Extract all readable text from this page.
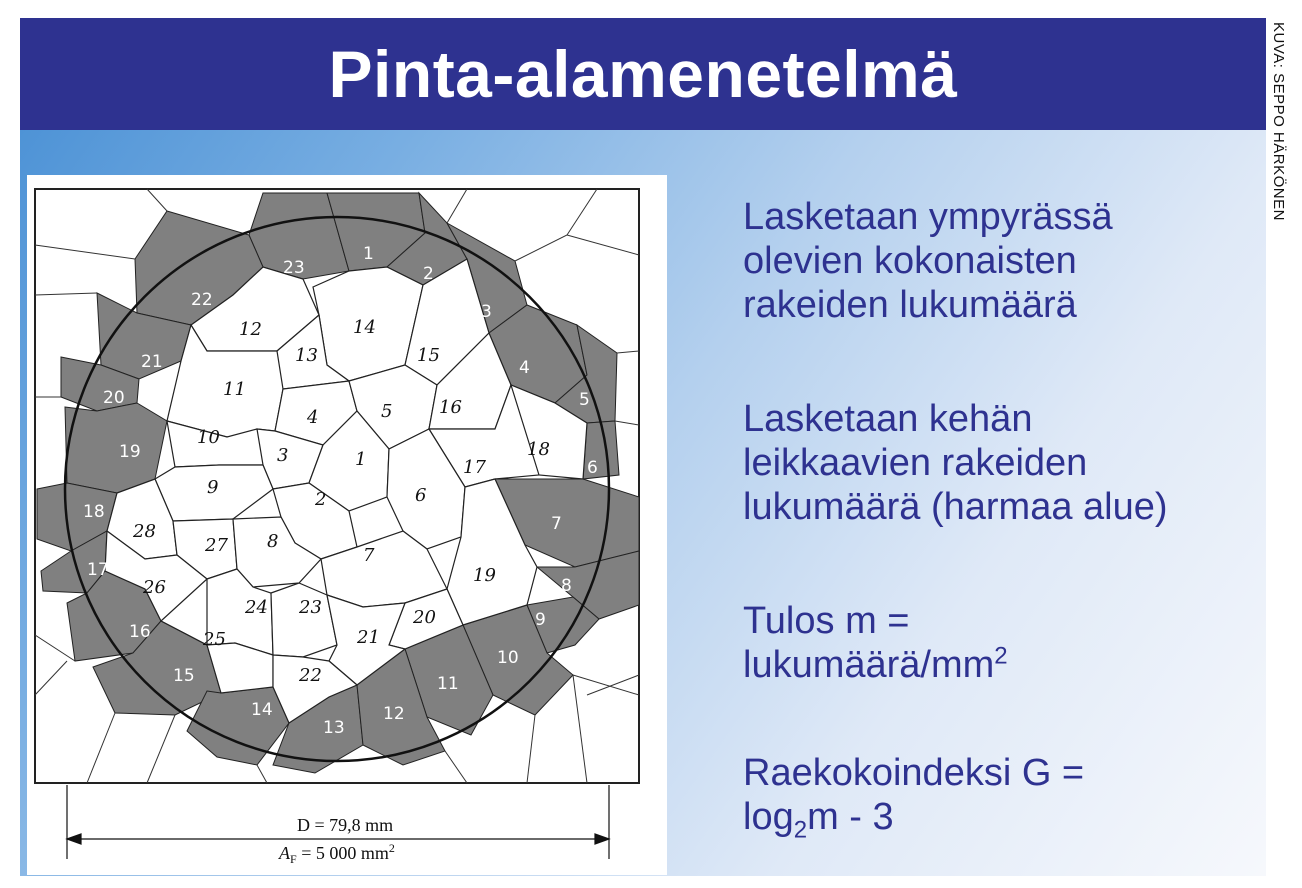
Pinta-alamenetelmä	KUVA: SEPPO HÄRKÖNEN
1
2
3
4	5
6
7
8
9
10
11
12
13
14
15
16
17
18
19
20
21
22
23
24
25
26
27
28
1
2
3
4
5
6
7
8
9
10
11
12
13
14
15
16
17
18
19
20
21
22
23
D = 79,8 mm
$A_F = 5$ 000 $mm^2$
Lasketaan ympyrässä
olevien kokonaisten
rakeiden lukumäärä
Lasketaan kehän
leikkaavien rakeiden
lukumäärä (harmaa alue)
Tulos m =
lukumäärä/$mm^2$
Raekokoindeksi G =
$\log_2m - 3$
